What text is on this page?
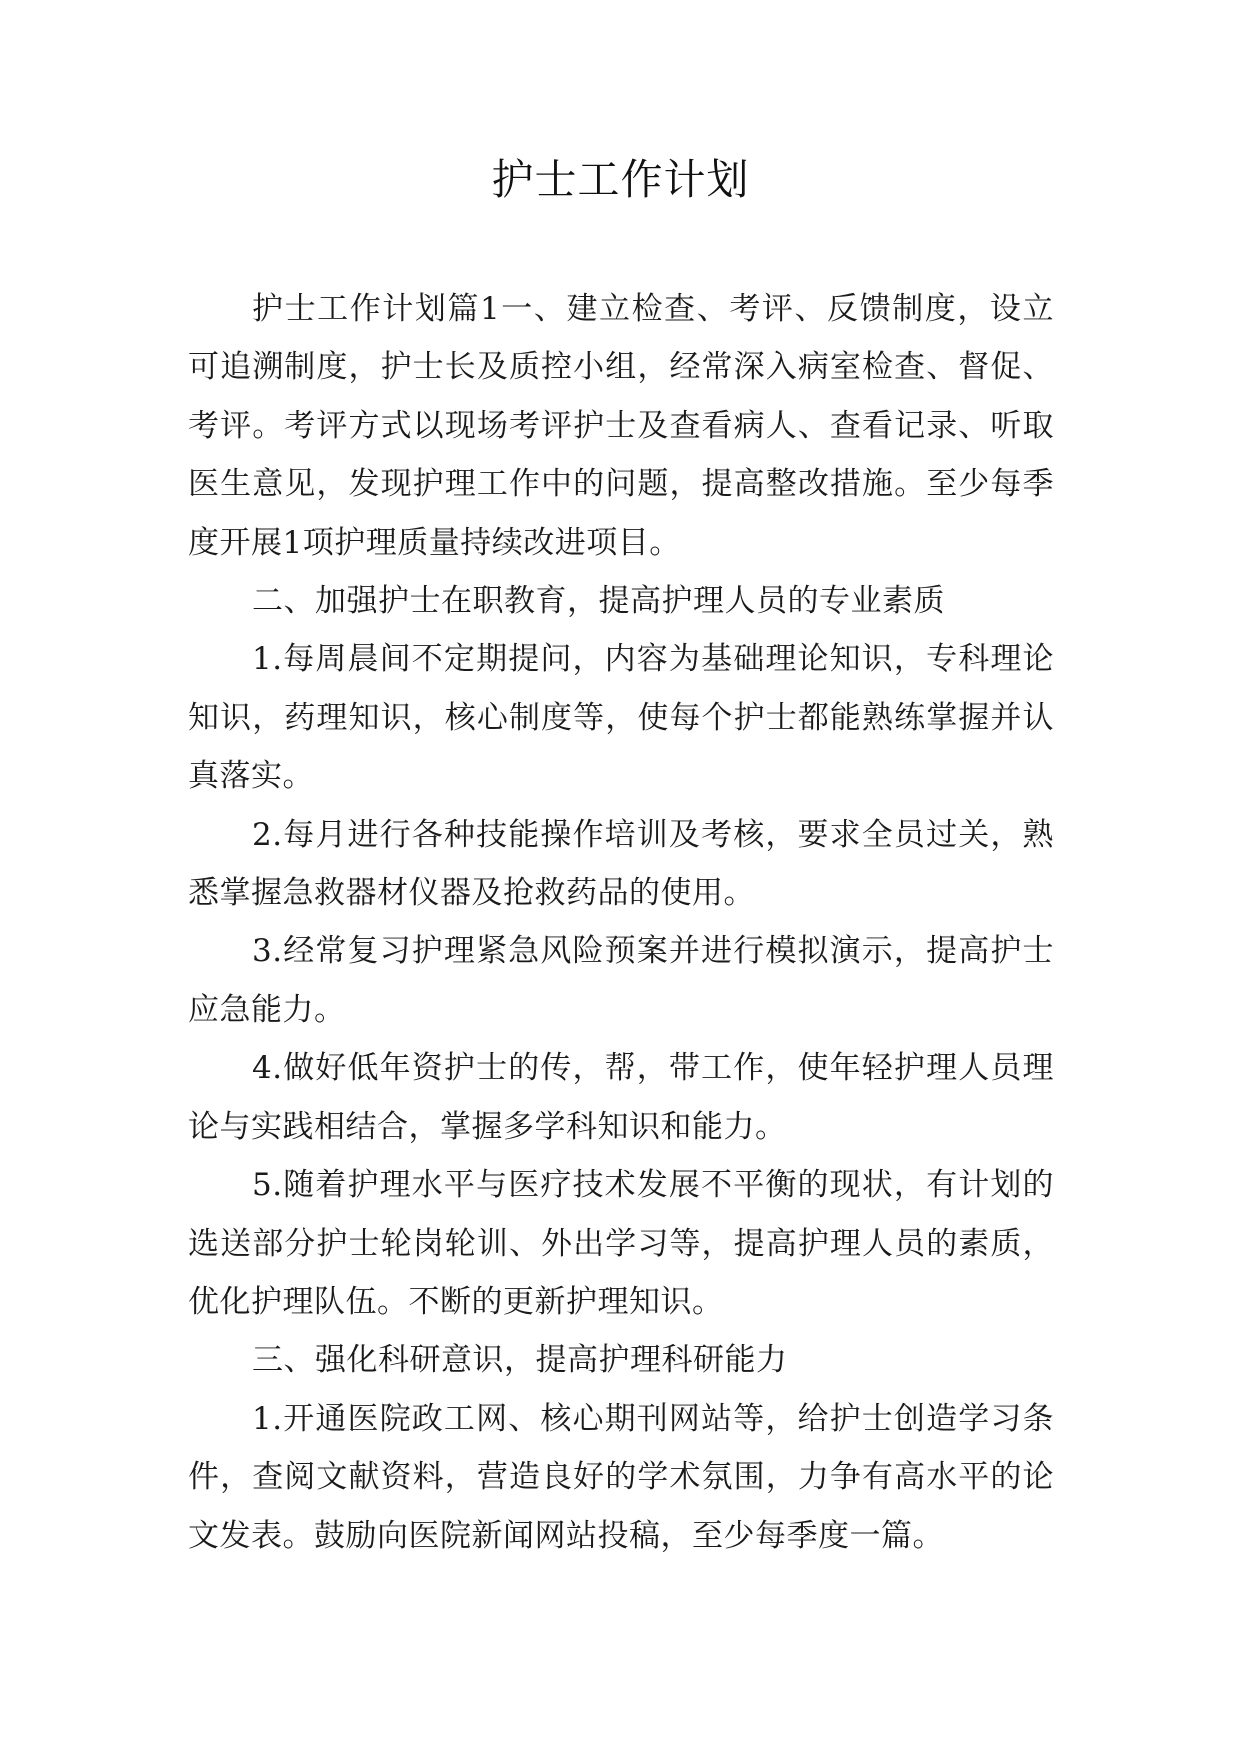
护士工作计划

护士工作计划篇1一、建立检查、考评、反馈制度，设立可追溯制度，护士长及质控小组，经常深入病室检查、督促、考评。考评方式以现场考评护士及查看病人、查看记录、听取医生意见，发现护理工作中的问题，提高整改措施。至少每季度开展1项护理质量持续改进项目。

二、加强护士在职教育，提高护理人员的专业素质

1.每周晨间不定期提问，内容为基础理论知识，专科理论知识，药理知识，核心制度等，使每个护士都能熟练掌握并认真落实。

2.每月进行各种技能操作培训及考核，要求全员过关，熟悉掌握急救器材仪器及抢救药品的使用。

3.经常复习护理紧急风险预案并进行模拟演示，提高护士应急能力。

4.做好低年资护士的传，帮，带工作，使年轻护理人员理论与实践相结合，掌握多学科知识和能力。

5.随着护理水平与医疗技术发展不平衡的现状，有计划的选送部分护士轮岗轮训、外出学习等，提高护理人员的素质，优化护理队伍。不断的更新护理知识。

三、强化科研意识，提高护理科研能力

1.开通医院政工网、核心期刊网站等，给护士创造学习条件，查阅文献资料，营造良好的学术氛围，力争有高水平的论文发表。鼓励向医院新闻网站投稿，至少每季度一篇。
